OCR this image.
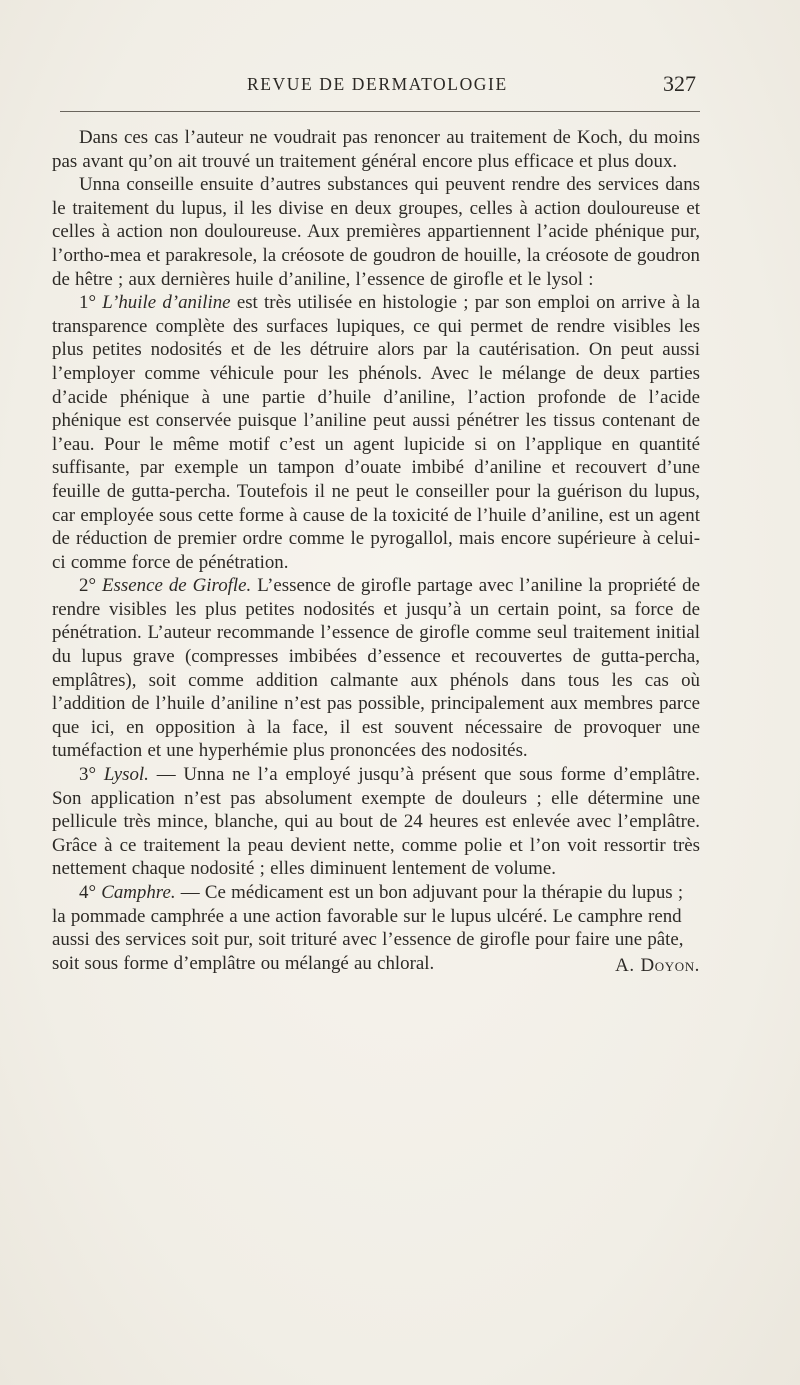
REVUE DE DERMATOLOGIE	327

Dans ces cas l’auteur ne voudrait pas renoncer au traitement de Koch, du moins pas avant qu’on ait trouvé un traitement général encore plus efficace et plus doux.

Unna conseille ensuite d’autres substances qui peuvent rendre des services dans le traitement du lupus, il les divise en deux groupes, celles à action douloureuse et celles à action non douloureuse. Aux premières appartiennent l’acide phénique pur, l’ortho-mea et parakresole, la créosote de goudron de houille, la créosote de goudron de hêtre ; aux dernières huile d’aniline, l’essence de girofle et le lysol :

1° L’huile d’aniline est très utilisée en histologie ; par son emploi on arrive à la transparence complète des surfaces lupiques, ce qui permet de rendre visibles les plus petites nodosités et de les détruire alors par la cautérisation. On peut aussi l’employer comme véhicule pour les phénols. Avec le mélange de deux parties d’acide phénique à une partie d’huile d’aniline, l’action profonde de l’acide phénique est conservée puisque l’aniline peut aussi pénétrer les tissus contenant de l’eau. Pour le même motif c’est un agent lupicide si on l’applique en quantité suffisante, par exemple un tampon d’ouate imbibé d’aniline et recouvert d’une feuille de gutta-percha. Toutefois il ne peut le conseiller pour la guérison du lupus, car employée sous cette forme à cause de la toxicité de l’huile d’aniline, est un agent de réduction de premier ordre comme le pyrogallol, mais encore supérieure à celui-ci comme force de pénétration.

2° Essence de Girofle. L’essence de girofle partage avec l’aniline la propriété de rendre visibles les plus petites nodosités et jusqu’à un certain point, sa force de pénétration. L’auteur recommande l’essence de girofle comme seul traitement initial du lupus grave (compresses imbibées d’essence et recouvertes de gutta-percha, emplâtres), soit comme addition calmante aux phénols dans tous les cas où l’addition de l’huile d’aniline n’est pas possible, principalement aux membres parce que ici, en opposition à la face, il est souvent nécessaire de provoquer une tuméfaction et une hyperhémie plus prononcées des nodosités.

3° Lysol. — Unna ne l’a employé jusqu’à présent que sous forme d’emplâtre. Son application n’est pas absolument exempte de douleurs ; elle détermine une pellicule très mince, blanche, qui au bout de 24 heures est enlevée avec l’emplâtre. Grâce à ce traitement la peau devient nette, comme polie et l’on voit ressortir très nettement chaque nodosité ; elles diminuent lentement de volume.

4° Camphre. — Ce médicament est un bon adjuvant pour la thérapie du lupus ; la pommade camphrée a une action favorable sur le lupus ulcéré. Le camphre rend aussi des services soit pur, soit trituré avec l’essence de girofle pour faire une pâte, soit sous forme d’emplâtre ou mélangé au chloral.	A. Doyon.
